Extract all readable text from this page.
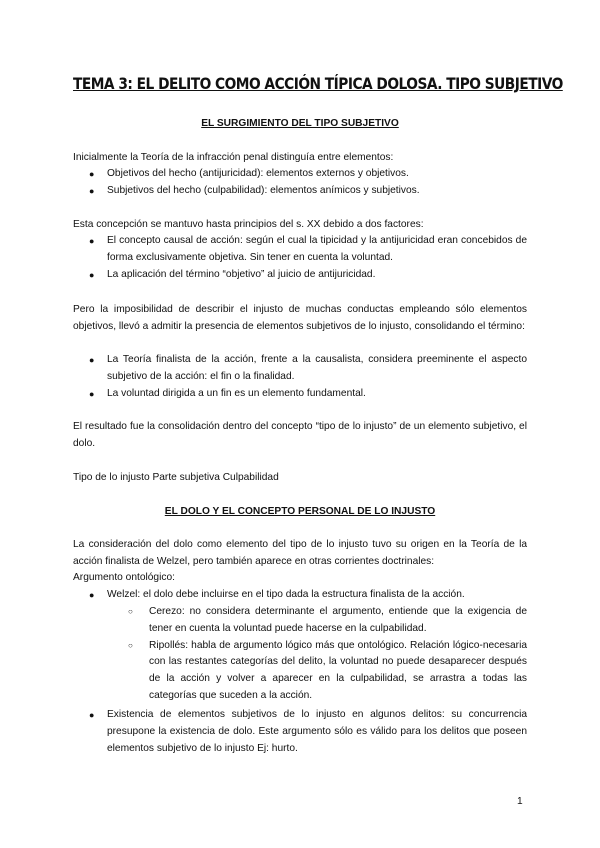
TEMA 3: EL DELITO COMO ACCIÓN TÍPICA DOLOSA. TIPO SUBJETIVO
EL SURGIMIENTO DEL TIPO SUBJETIVO

Inicialmente la Teoría de la infracción penal distinguía entre elementos:

● Objetivos del hecho (antijuricidad): elementos externos y objetivos.
● Subjetivos del hecho (culpabilidad): elementos anímicos y subjetivos.

Esta concepción se mantuvo hasta principios del s. XX debido a dos factores:

● El concepto causal de acción: según el cual la tipicidad y la antijuricidad eran concebidos de forma exclusivamente objetiva. Sin tener en cuenta la voluntad.
● La aplicación del término “objetivo” al juicio de antijuricidad.

Pero la imposibilidad de describir el injusto de muchas conductas empleando sólo elementos objetivos, llevó a admitir la presencia de elementos subjetivos de lo injusto, consolidando el término:

● La Teoría finalista de la acción, frente a la causalista, considera preeminente el aspecto subjetivo de la acción: el fin o la finalidad.
● La voluntad dirigida a un fin es un elemento fundamental.

El resultado fue la consolidación dentro del concepto “tipo de lo injusto” de un elemento subjetivo, el dolo.

Tipo de lo injusto Parte subjetiva Culpabilidad

EL DOLO Y EL CONCEPTO PERSONAL DE LO INJUSTO

La consideración del dolo como elemento del tipo de lo injusto tuvo su origen en la Teoría de la acción finalista de Welzel, pero también aparece en otras corrientes doctrinales:

Argumento ontológico:

● Welzel: el dolo debe incluirse en el tipo dada la estructura finalista de la acción.
○ Cerezo: no considera determinante el argumento, entiende que la exigencia de tener en cuenta la voluntad puede hacerse en la culpabilidad.
○ Ripollés: habla de argumento lógico más que ontológico. Relación lógico-necesaria con las restantes categorías del delito, la voluntad no puede desaparecer después de la acción y volver a aparecer en la culpabilidad, se arrastra a todas las categorías que suceden a la acción.
● Existencia de elementos subjetivos de lo injusto en algunos delitos: su concurrencia presupone la existencia de dolo. Este argumento sólo es válido para los delitos que poseen elementos subjetivo de lo injusto Ej: hurto.
1
